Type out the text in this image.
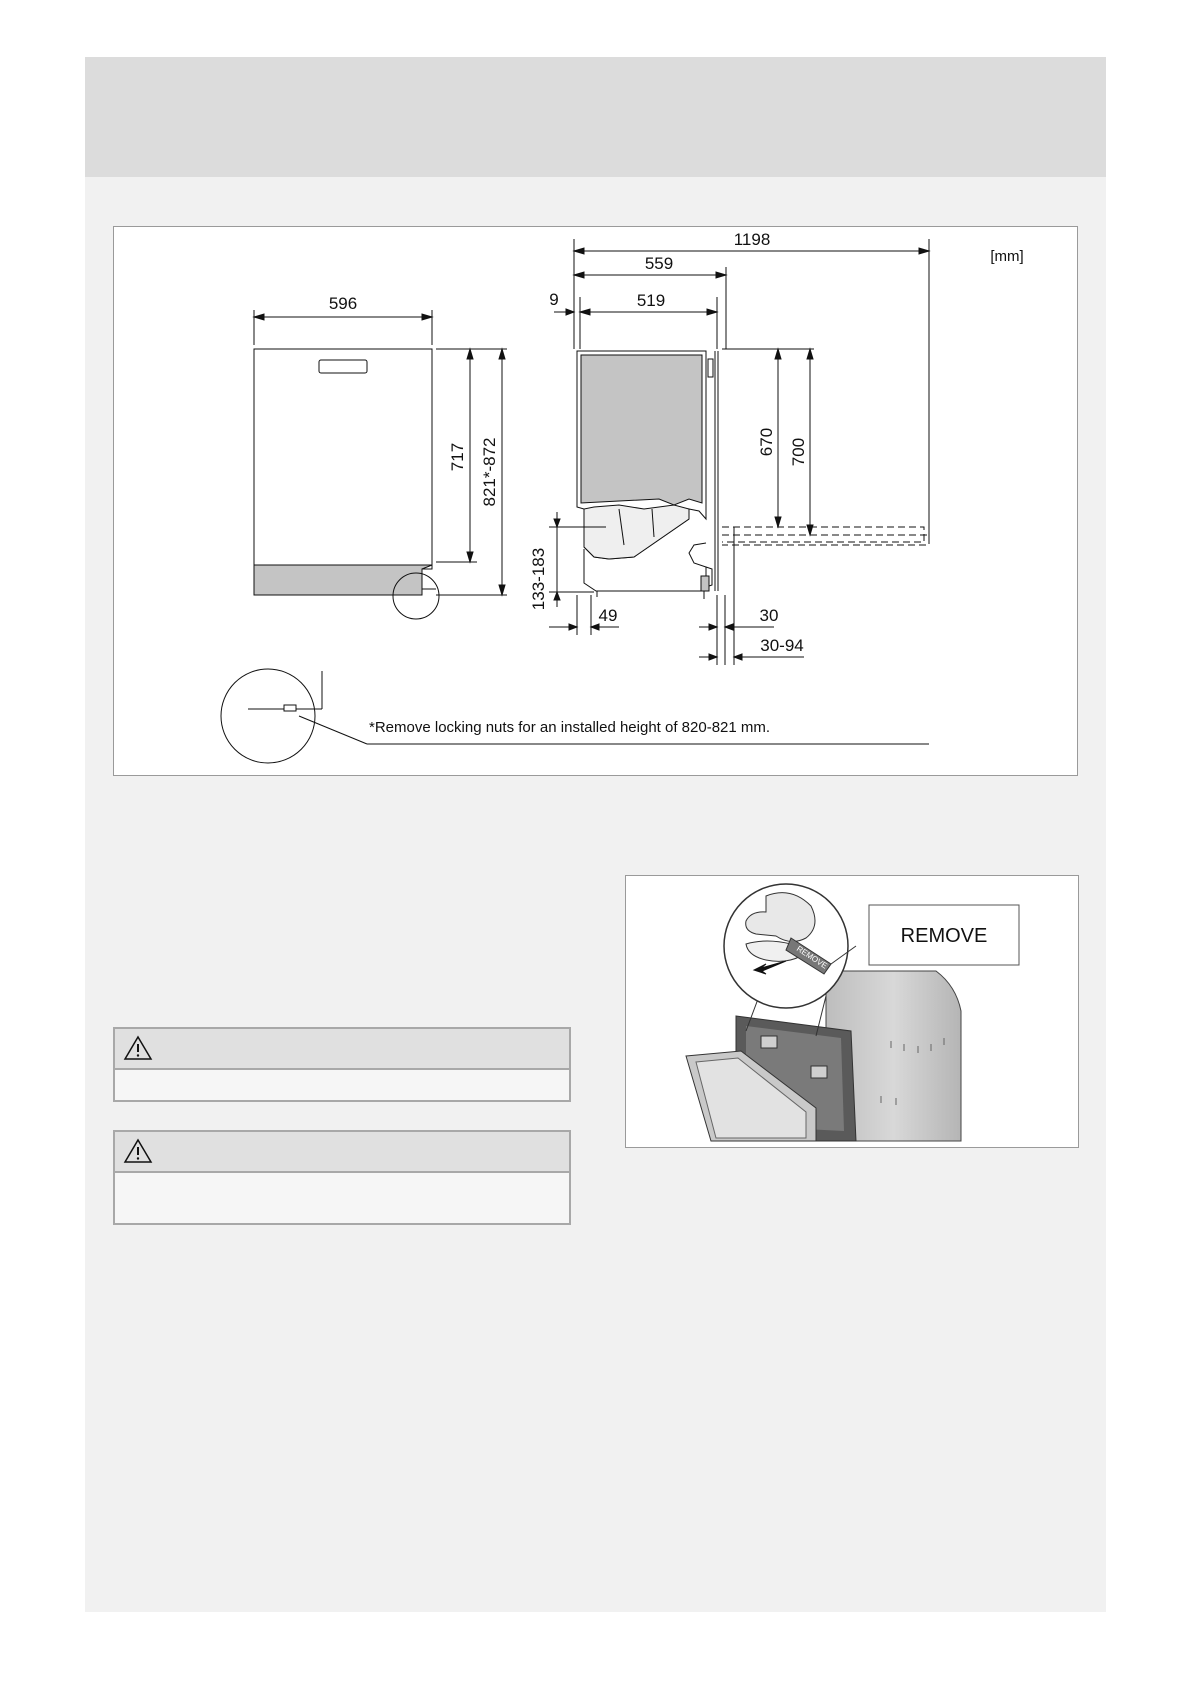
596
717 821*-872
1198
559
9	519
670 700
133-183
49	30
30-94
[mm]
*Remove locking nuts for an installed height of 820-821 mm.
REMOVE
REMOVE
